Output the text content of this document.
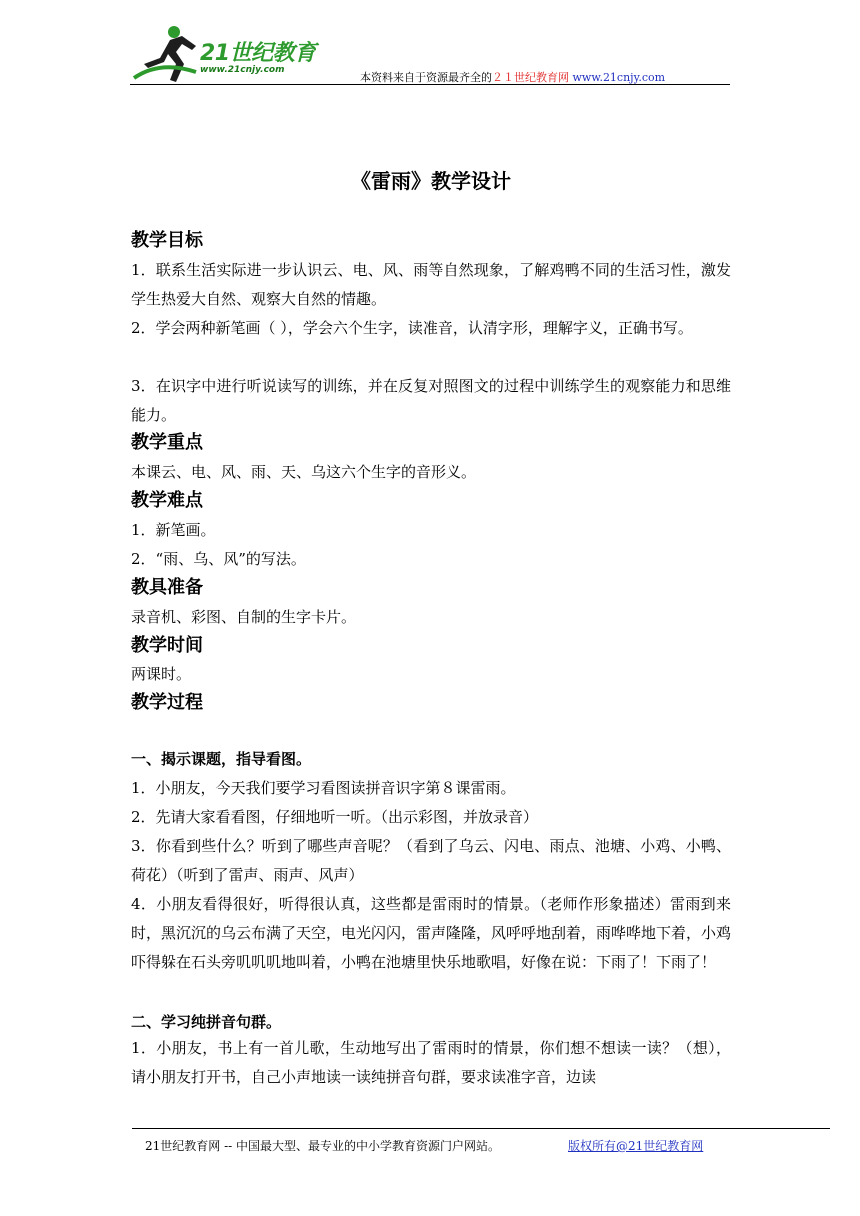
21世纪教育
www.21cnjy.com
本资料来自于资源最齐全的２１世纪教育网 www.21cnjy.com
《雷雨》教学设计
教学目标
1．联系生活实际进一步认识云、电、风、雨等自然现象，了解鸡鸭不同的生活习性，激发学生热爱大自然、观察大自然的情趣。
2．学会两种新笔画（ ），学会六个生字，读准音，认清字形，理解字义，正确书写。
3．在识字中进行听说读写的训练，并在反复对照图文的过程中训练学生的观察能力和思维能力。
教学重点
本课云、电、风、雨、天、乌这六个生字的音形义。
教学难点
1．新笔画。
2．“雨、乌、风”的写法。
教具准备
录音机、彩图、自制的生字卡片。
教学时间
两课时。
教学过程
一、揭示课题，指导看图。
1．小朋友，今天我们要学习看图读拼音识字第８课雷雨。
2．先请大家看看图，仔细地听一听。（出示彩图，并放录音）
3．你看到些什么？听到了哪些声音呢？（看到了乌云、闪电、雨点、池塘、小鸡、小鸭、荷花）（听到了雷声、雨声、风声）
4．小朋友看得很好，听得很认真，这些都是雷雨时的情景。（老师作形象描述）雷雨到来时，黑沉沉的乌云布满了天空，电光闪闪，雷声隆隆，风呼呼地刮着，雨哗哗地下着，小鸡吓得躲在石头旁叽叽叽地叫着，小鸭在池塘里快乐地歌唱，好像在说：下雨了！下雨了！
二、学习纯拼音句群。
1．小朋友，书上有一首儿歌，生动地写出了雷雨时的情景，你们想不想读一读？（想），请小朋友打开书，自己小声地读一读纯拼音句群，要求读准字音，边读
21世纪教育网 -- 中国最大型、最专业的中小学教育资源门户网站。	版权所有@21世纪教育网
